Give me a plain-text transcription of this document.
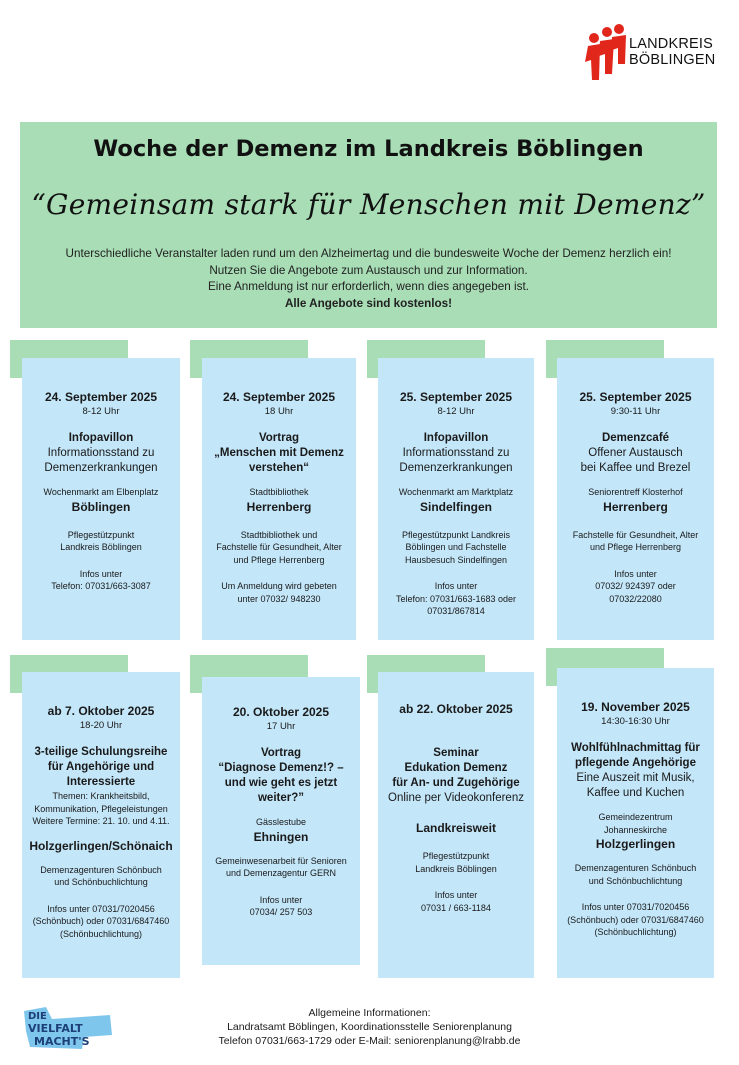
LANDKREIS
BÖBLINGEN
Woche der Demenz im Landkreis Böblingen
“Gemeinsam stark für Menschen mit Demenz”
Unterschiedliche Veranstalter laden rund um den Alzheimertag und die bundesweite Woche der Demenz herzlich ein!
Nutzen Sie die Angebote zum Austausch und zur Information.
Eine Anmeldung ist nur erforderlich, wenn dies angegeben ist.
Alle Angebote sind kostenlos!
24. September 2025
8-12 Uhr
Infopavillon
Informationsstand zu
Demenzerkrankungen
Wochenmarkt am Elbenplatz
Böblingen
Pflegestützpunkt
Landkreis Böblingen
Infos unter
Telefon: 07031/663-3087
24. September 2025
18 Uhr
Vortrag
„Menschen mit Demenz
verstehen“
Stadtbibliothek
Herrenberg
Stadtbibliothek und
Fachstelle für Gesundheit, Alter
und Pflege Herrenberg
Um Anmeldung wird gebeten
unter 07032/ 948230
25. September 2025
8-12 Uhr
Infopavillon
Informationsstand zu
Demenzerkrankungen
Wochenmarkt am Marktplatz
Sindelfingen
Pflegestützpunkt Landkreis
Böblingen und Fachstelle
Hausbesuch Sindelfingen
Infos unter
Telefon: 07031/663-1683 oder
07031/867814
25. September 2025
9:30-11 Uhr
Demenzcafé
Offener Austausch
bei Kaffee und Brezel
Seniorentreff Klosterhof
Herrenberg
Fachstelle für Gesundheit, Alter
und Pflege Herrenberg
Infos unter
07032/ 924397 oder
07032/22080
ab 7. Oktober 2025
18-20 Uhr
3-teilige Schulungsreihe
für Angehörige und
Interessierte
Themen: Krankheitsbild,
Kommunikation, Pflegeleistungen
Weitere Termine: 21. 10. und 4.11.
Holzgerlingen/Schönaich
Demenzagenturen Schönbuch
und Schönbuchlichtung
Infos unter 07031/7020456
(Schönbuch) oder 07031/6847460
(Schönbuchlichtung)
20. Oktober 2025
17 Uhr
Vortrag
“Diagnose Demenz!? –
und wie geht es jetzt
weiter?”
Gässlestube
Ehningen
Gemeinwesenarbeit für Senioren
und Demenzagentur GERN
Infos unter
07034/ 257 503
ab 22. Oktober 2025
Seminar
Edukation Demenz
für An- und Zugehörige
Online per Videokonferenz
Landkreisweit
Pflegestützpunkt
Landkreis Böblingen
Infos unter
07031 / 663-1184
19. November 2025
14:30-16:30 Uhr
Wohlfühlnachmittag für
pflegende Angehörige
Eine Auszeit mit Musik,
Kaffee und Kuchen
Gemeindezentrum
Johanneskirche
Holzgerlingen
Demenzagenturen Schönbuch
und Schönbuchlichtung
Infos unter 07031/7020456
(Schönbuch) oder 07031/6847460
(Schönbuchlichtung)
DIE
VIELFALT
MACHT'S
Allgemeine Informationen:
Landratsamt Böblingen, Koordinationsstelle Seniorenplanung
Telefon 07031/663-1729 oder E-Mail: seniorenplanung@lrabb.de
